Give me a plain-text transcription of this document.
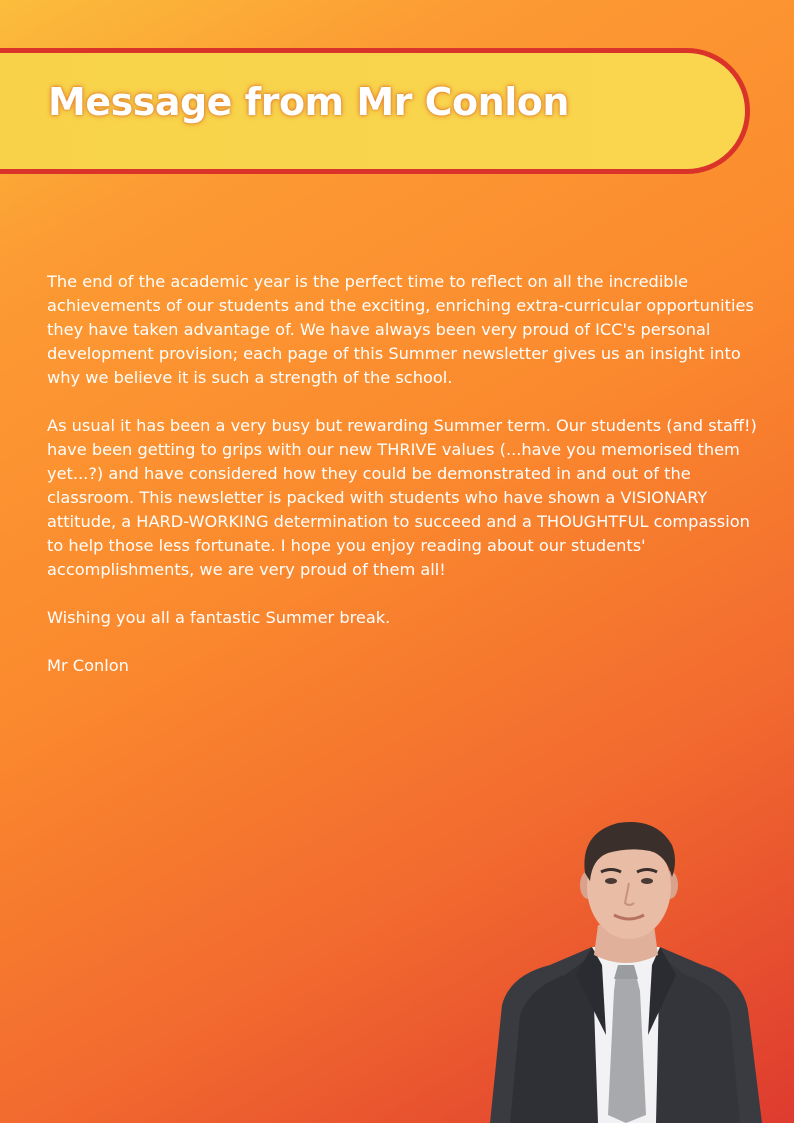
Message from Mr Conlon

The end of the academic year is the perfect time to reflect on all the incredible achievements of our students and the exciting, enriching extra-curricular opportunities they have taken advantage of. We have always been very proud of ICC's personal development provision; each page of this Summer newsletter gives us an insight into why we believe it is such a strength of the school.

As usual it has been a very busy but rewarding Summer term. Our students (and staff!) have been getting to grips with our new THRIVE values (...have you memorised them yet...?) and have considered how they could be demonstrated in and out of the classroom. This newsletter is packed with students who have shown a VISIONARY attitude, a HARD-WORKING determination to succeed and a THOUGHTFUL compassion to help those less fortunate. I hope you enjoy reading about our students' accomplishments, we are very proud of them all!

Wishing you all a fantastic Summer break.

Mr Conlon
